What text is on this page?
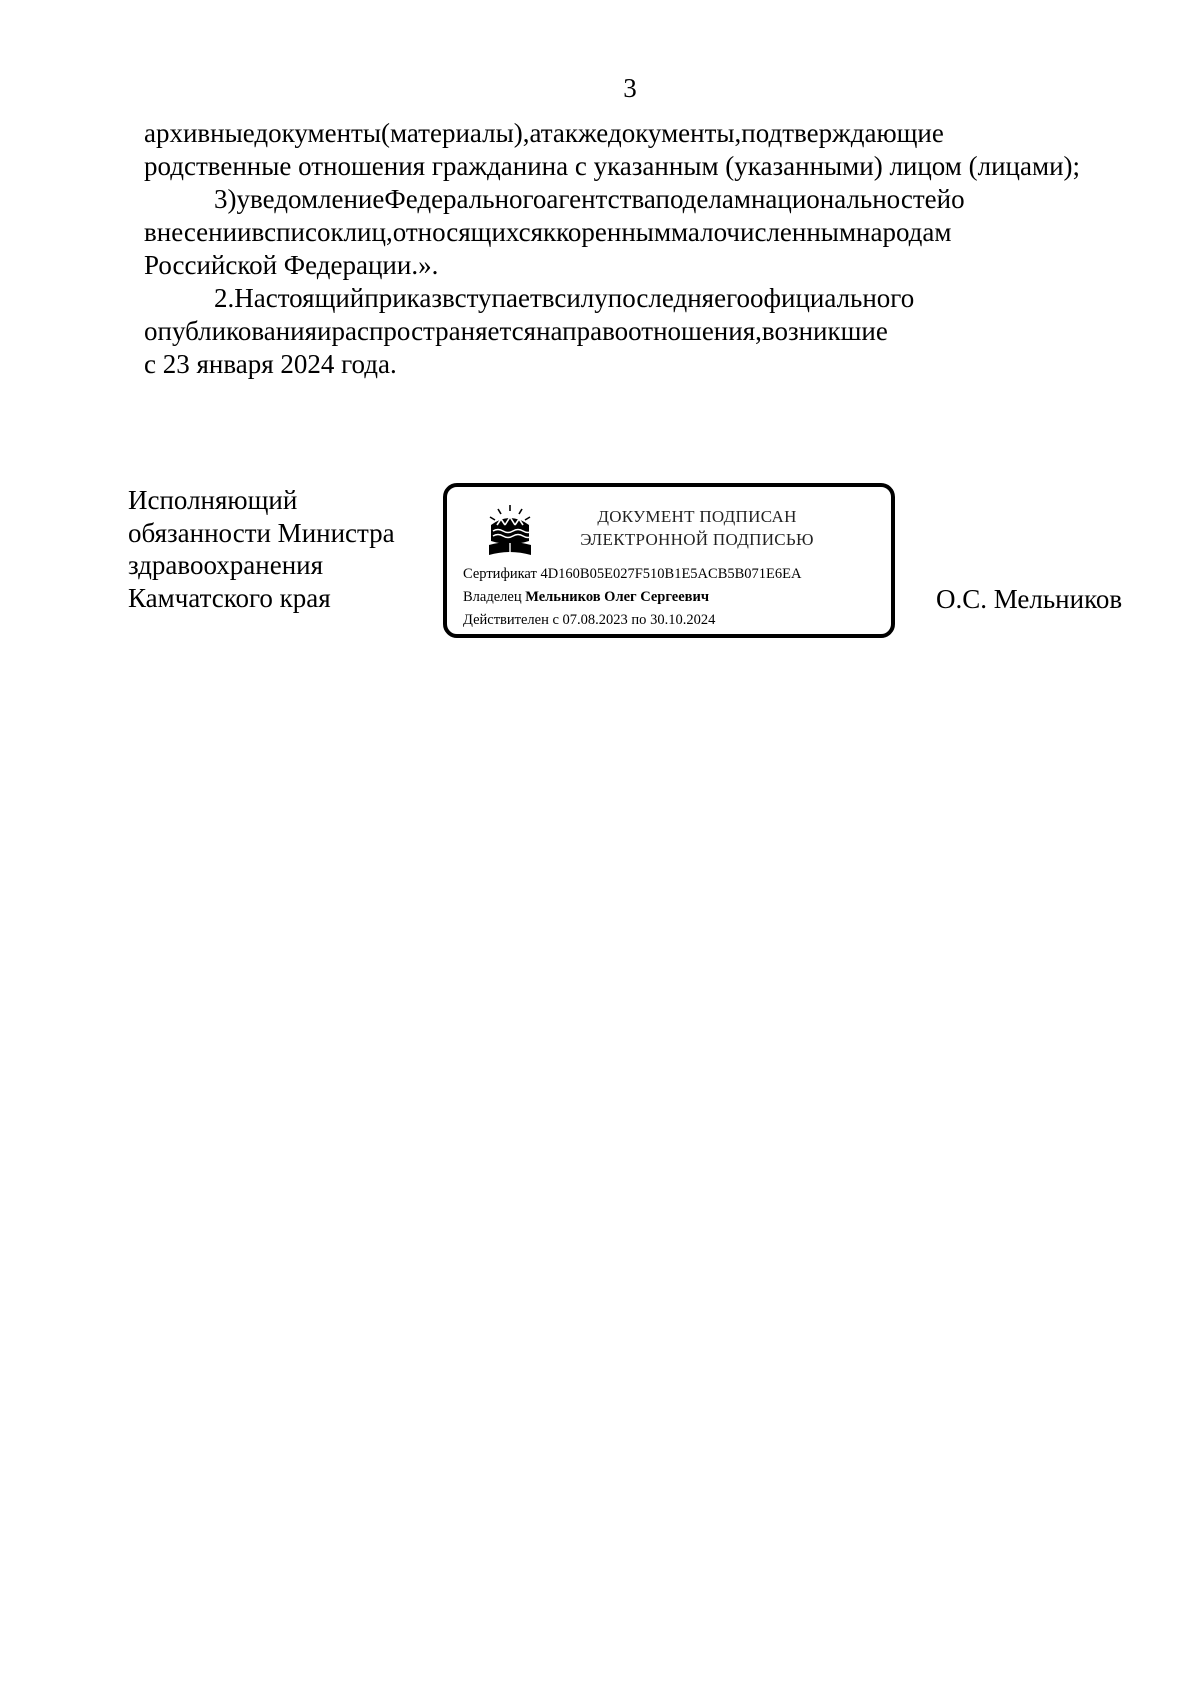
3

архивныедокументы(материалы),атакжедокументы,подтверждающие
родственные отношения гражданина с указанным (указанными) лицом (лицами);

3)уведомлениеФедеральногоагентстваподеламнациональностейо
внесениивсписоклиц,относящихсяккоренныммалочисленнымнародам
Российской Федерации.».

2.Настоящийприказвступаетвсилупоследняегоофициального
опубликованияираспространяетсянаправоотношения,возникшие
с 23 января 2024 года.

Исполняющий
обязанности Министра
здравоохранения
Камчатского края
ДОКУМЕНТ ПОДПИСАН
ЭЛЕКТРОННОЙ ПОДПИСЬЮ
Сертификат 4D160B05E027F510B1E5ACB5B071E6EA
Владелец Мельников Олег Сергеевич
Действителен с 07.08.2023 по 30.10.2024
О.С. Мельников
